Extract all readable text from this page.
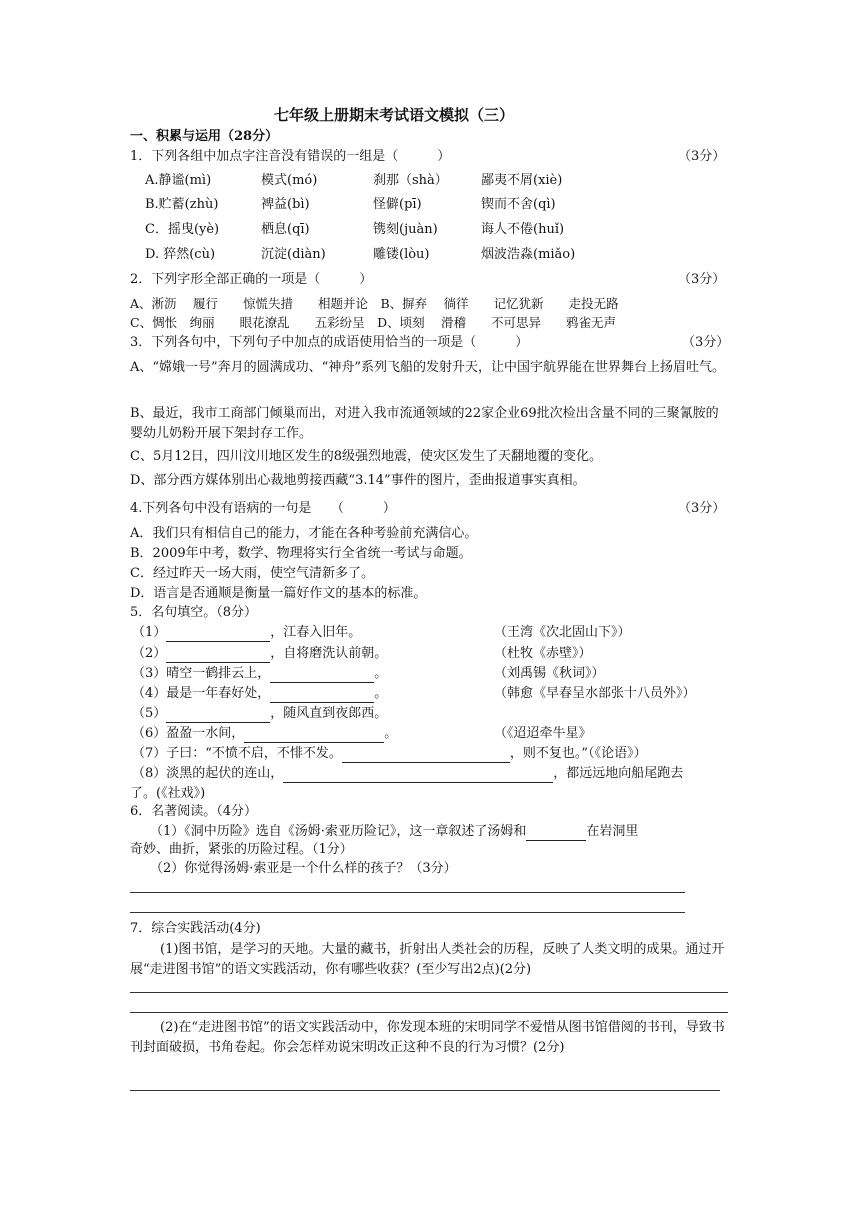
七年级上册期末考试语文模拟（三）
一、积累与运用（28分）
1．下列各组中加点字注音没有错误的一组是（　　　）	（3分）
A.静谧(mì)	模式(mó)	刹那（shà）	鄙夷不屑(xiè)
B.贮蓄(zhù)	裨益(bì)	怪僻(pī)	锲而不舍(qì)
C．摇曳(yè)	栖息(qī)	镌刻(juàn)	诲人不倦(huǐ)
D. 猝然(cù)	沉淀(diàn)	雕镂(lòu)	烟波浩淼(miǎo)
2．下列字形全部正确的一项是（　　　）	（3分）
A、淅沥　 履行　　惊慌失措　　相题并论　B、摒弃　 徜徉　　记忆犹新　　走投无路
C、惆怅　绚丽　　眼花潦乱　　五彩纷呈　D、顷刻　 滑稽　　不可思异　　鸦雀无声
3．下列各句中，下列句子中加点的成语使用恰当的一项是（　　　）	（3分）
A、“嫦娥一号”奔月的圆满成功、“神舟”系列飞船的发射升天，让中国宇航界能在世界舞台上扬眉吐气。
B、最近，我市工商部门倾巢而出，对进入我市流通领域的22家企业69批次检出含量不同的三聚氰胺的婴幼儿奶粉开展下架封存工作。
C、5月12日，四川汶川地区发生的8级强烈地震，使灾区发生了天翻地覆的变化。
D、部分西方媒体别出心裁地剪接西藏“3.14”事件的图片，歪曲报道事实真相。
4.下列各句中没有语病的一句是　　（　　　）	（3分）
A．我们只有相信自己的能力，才能在各种考验前充满信心。
B．2009年中考，数学、物理将实行全省统一考试与命题。
C．经过昨天一场大雨，使空气清新多了。
D．语言是否通顺是衡量一篇好作文的基本的标准。
5．名句填空。（8分）
（1）	，江春入旧年。	（王湾《次北固山下》）
（2）	，自将磨洗认前朝。	（杜牧《赤壁》）
（3）晴空一鹤排云上，	。	（刘禹锡《秋词》）
（4）最是一年春好处，	。	（韩愈《早春呈水部张十八员外》）
（5）	，随风直到夜郎西。
（6）盈盈一水间，	。	（《迢迢牵牛星》
（7）子曰：“不愤不启，不悱不发。	，则不复也。”（《论语》）
（8）淡黑的起伏的连山，	，都远远地向船尾跑去
了。(《社戏》)
6．名著阅读。（4分）
（1）《洞中历险》选自《汤姆·索亚历险记》，这一章叙述了汤姆和	在岩洞里
奇妙、曲折，紧张的历险过程。（1分）
（2）你觉得汤姆·索亚是一个什么样的孩子？（3分）
7．综合实践活动(4分)
(1)图书馆，是学习的天地。大量的藏书，折射出人类社会的历程，反映了人类文明的成果。通过开展“走进图书馆”的语文实践活动，你有哪些收获？(至少写出2点)(2分)
(2)在“走进图书馆”的语文实践活动中，你发现本班的宋明同学不爱惜从图书馆借阅的书刊，导致书刊封面破损，书角卷起。你会怎样劝说宋明改正这种不良的行为习惯？(2分)
